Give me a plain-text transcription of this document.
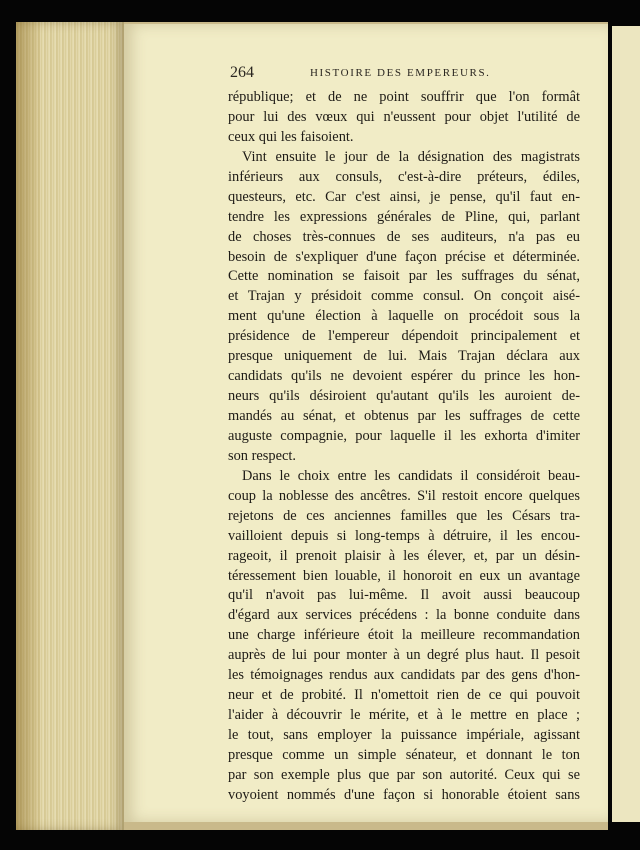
264	HISTOIRE DES EMPEREURS.
république; et de ne point souffrir que l'on formât
pour lui des vœux qui n'eussent pour objet l'utilité de
ceux qui les faisoient.
Vint ensuite le jour de la désignation des magistrats
inférieurs aux consuls, c'est-à-dire préteurs, édiles,
questeurs, etc. Car c'est ainsi, je pense, qu'il faut en-
tendre les expressions générales de Pline, qui, parlant
de choses très-connues de ses auditeurs, n'a pas eu
besoin de s'expliquer d'une façon précise et déterminée.
Cette nomination se faisoit par les suffrages du sénat,
et Trajan y présidoit comme consul. On conçoit aisé-
ment qu'une élection à laquelle on procédoit sous la
présidence de l'empereur dépendoit principalement et
presque uniquement de lui. Mais Trajan déclara aux
candidats qu'ils ne devoient espérer du prince les hon-
neurs qu'ils désiroient qu'autant qu'ils les auroient de-
mandés au sénat, et obtenus par les suffrages de cette
auguste compagnie, pour laquelle il les exhorta d'imiter
son respect.
Dans le choix entre les candidats il considéroit beau-
coup la noblesse des ancêtres. S'il restoit encore quelques
rejetons de ces anciennes familles que les Césars tra-
vailloient depuis si long-temps à détruire, il les encou-
rageoit, il prenoit plaisir à les élever, et, par un désin-
téressement bien louable, il honoroit en eux un avantage
qu'il n'avoit pas lui-même. Il avoit aussi beaucoup
d'égard aux services précédens : la bonne conduite dans
une charge inférieure étoit la meilleure recommandation
auprès de lui pour monter à un degré plus haut. Il pesoit
les témoignages rendus aux candidats par des gens d'hon-
neur et de probité. Il n'omettoit rien de ce qui pouvoit
l'aider à découvrir le mérite, et à le mettre en place ;
le tout, sans employer la puissance impériale, agissant
presque comme un simple sénateur, et donnant le ton
par son exemple plus que par son autorité. Ceux qui se
voyoient nommés d'une façon si honorable étoient sans
